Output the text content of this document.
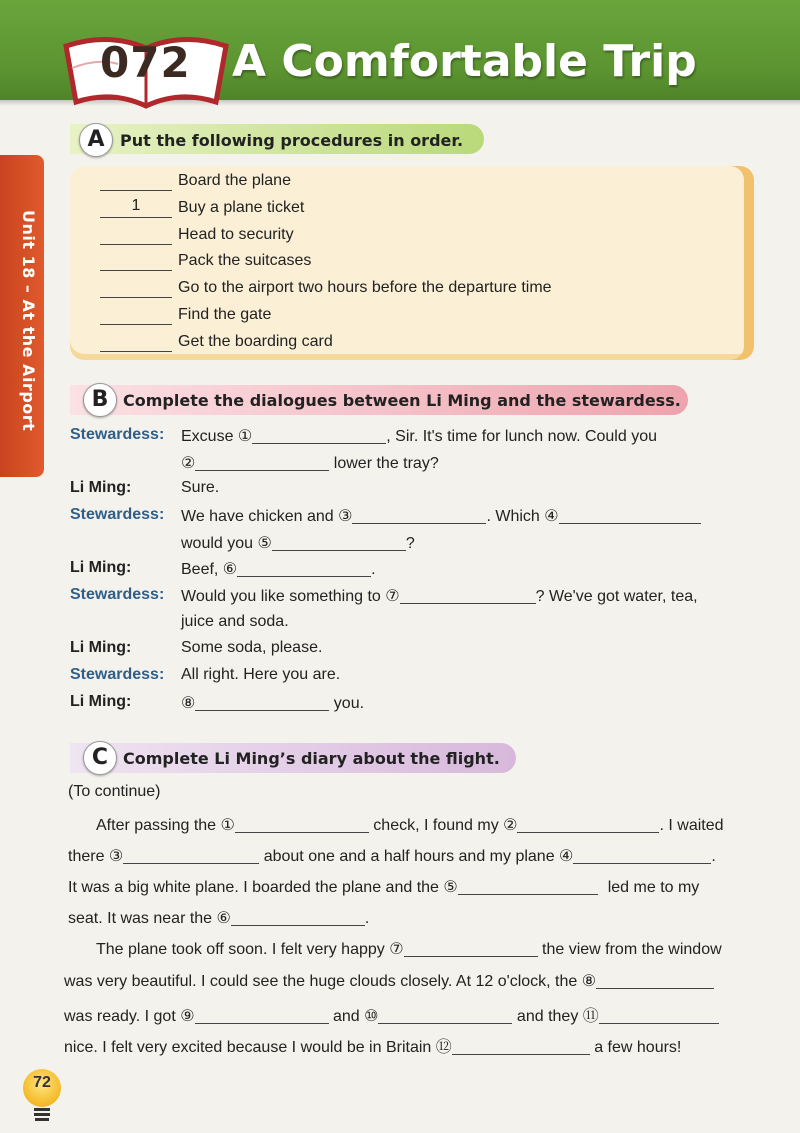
072 A Comfortable Trip
Unit 18 – At the Airport
A Put the following procedures in order.
Board the plane
1	Buy a plane ticket
Head to security
Pack the suitcases
Go to the airport two hours before the departure time
Find the gate
Get the boarding card
B Complete the dialogues between Li Ming and the stewardess.
Stewardess: Excuse ①	, Sir. It's time for lunch now. Could you
②	lower the tray?
Li Ming:	Sure.
Stewardess: We have chicken and ③	. Which ④
would you ⑤	?
Li Ming:	Beef, ⑥	.
Stewardess: Would you like something to ⑦	? We've got water, tea,
juice and soda.
Li Ming:	Some soda, please.
Stewardess: All right. Here you are.
Li Ming:	⑧	you.
C Complete Li Ming’s diary about the flight.
(To continue)
After passing the ①	check, I found my ②	. I waited
there ③	about one and a half hours and my plane ④	.
It was a big white plane. I boarded the plane and the ⑤	led me to my
seat. It was near the ⑥	.
The plane took off soon. I felt very happy ⑦	the view from the window
was very beautiful. I could see the huge clouds closely. At 12 o'clock, the ⑧
was ready. I got ⑨	and ⑩	and they ⑪
nice. I felt very excited because I would be in Britain ⑫	a few hours!
72
